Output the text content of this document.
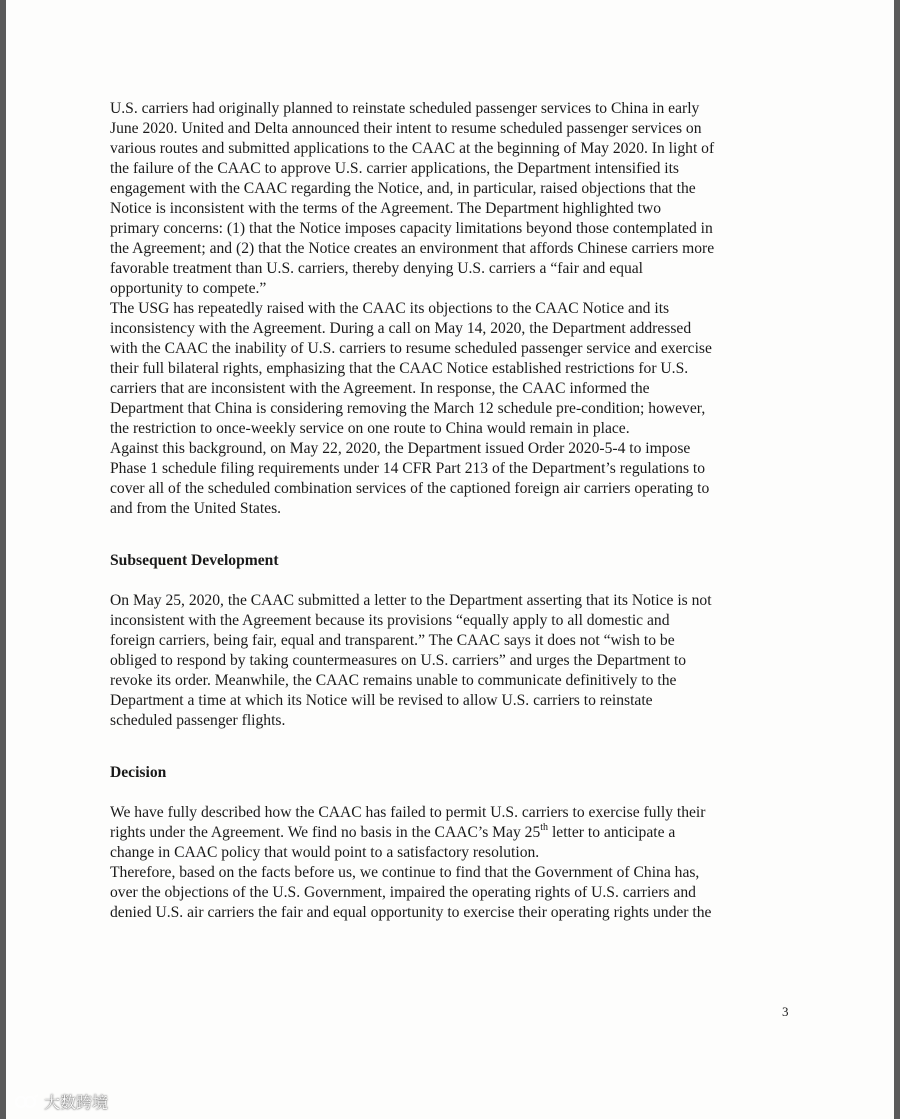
U.S. carriers had originally planned to reinstate scheduled passenger services to China in early
June 2020. United and Delta announced their intent to resume scheduled passenger services on
various routes and submitted applications to the CAAC at the beginning of May 2020. In light of
the failure of the CAAC to approve U.S. carrier applications, the Department intensified its
engagement with the CAAC regarding the Notice, and, in particular, raised objections that the
Notice is inconsistent with the terms of the Agreement. The Department highlighted two
primary concerns: (1) that the Notice imposes capacity limitations beyond those contemplated in
the Agreement; and (2) that the Notice creates an environment that affords Chinese carriers more
favorable treatment than U.S. carriers, thereby denying U.S. carriers a “fair and equal
opportunity to compete.”

The USG has repeatedly raised with the CAAC its objections to the CAAC Notice and its
inconsistency with the Agreement. During a call on May 14, 2020, the Department addressed
with the CAAC the inability of U.S. carriers to resume scheduled passenger service and exercise
their full bilateral rights, emphasizing that the CAAC Notice established restrictions for U.S.
carriers that are inconsistent with the Agreement. In response, the CAAC informed the
Department that China is considering removing the March 12 schedule pre-condition; however,
the restriction to once-weekly service on one route to China would remain in place.

Against this background, on May 22, 2020, the Department issued Order 2020-5-4 to impose
Phase 1 schedule filing requirements under 14 CFR Part 213 of the Department’s regulations to
cover all of the scheduled combination services of the captioned foreign air carriers operating to
and from the United States.

Subsequent Development

On May 25, 2020, the CAAC submitted a letter to the Department asserting that its Notice is not
inconsistent with the Agreement because its provisions “equally apply to all domestic and
foreign carriers, being fair, equal and transparent.” The CAAC says it does not “wish to be
obliged to respond by taking countermeasures on U.S. carriers” and urges the Department to
revoke its order. Meanwhile, the CAAC remains unable to communicate definitively to the
Department a time at which its Notice will be revised to allow U.S. carriers to reinstate
scheduled passenger flights.

Decision

We have fully described how the CAAC has failed to permit U.S. carriers to exercise fully their
rights under the Agreement. We find no basis in the CAAC’s May 25th letter to anticipate a
change in CAAC policy that would point to a satisfactory resolution.

Therefore, based on the facts before us, we continue to find that the Government of China has,
over the objections of the U.S. Government, impaired the operating rights of U.S. carriers and
denied U.S. air carriers the fair and equal opportunity to exercise their operating rights under the

3
大数跨境
